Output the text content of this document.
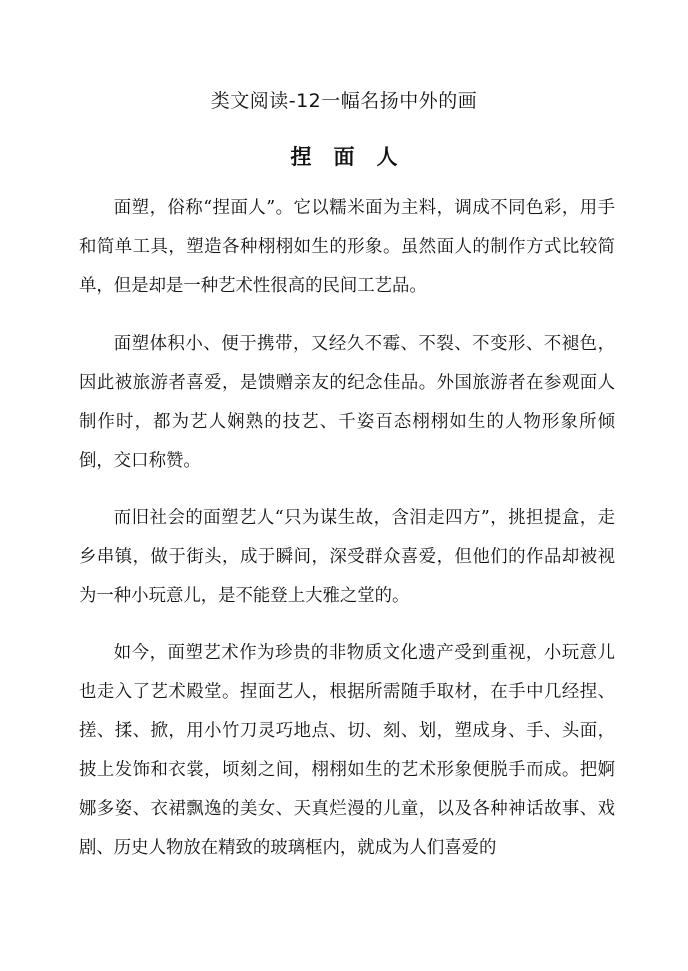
类文阅读-12一幅名扬中外的画
捏面人

面塑，俗称“捏面人”。它以糯米面为主料，调成不同色彩，用手和简单工具，塑造各种栩栩如生的形象。虽然面人的制作方式比较简单，但是却是一种艺术性很高的民间工艺品。

面塑体积小、便于携带，又经久不霉、不裂、不变形、不褪色，因此被旅游者喜爱，是馈赠亲友的纪念佳品。外国旅游者在参观面人制作时，都为艺人娴熟的技艺、千姿百态栩栩如生的人物形象所倾倒，交口称赞。

而旧社会的面塑艺人“只为谋生故，含泪走四方”，挑担提盒，走乡串镇，做于街头，成于瞬间，深受群众喜爱，但他们的作品却被视为一种小玩意儿，是不能登上大雅之堂的。

如今，面塑艺术作为珍贵的非物质文化遗产受到重视，小玩意儿也走入了艺术殿堂。捏面艺人，根据所需随手取材，在手中几经捏、搓、揉、掀，用小竹刀灵巧地点、切、刻、划，塑成身、手、头面，披上发饰和衣裳，顷刻之间，栩栩如生的艺术形象便脱手而成。把婀娜多姿、衣裙飘逸的美女、天真烂漫的儿童，以及各种神话故事、戏剧、历史人物放在精致的玻璃框内，就成为人们喜爱的
